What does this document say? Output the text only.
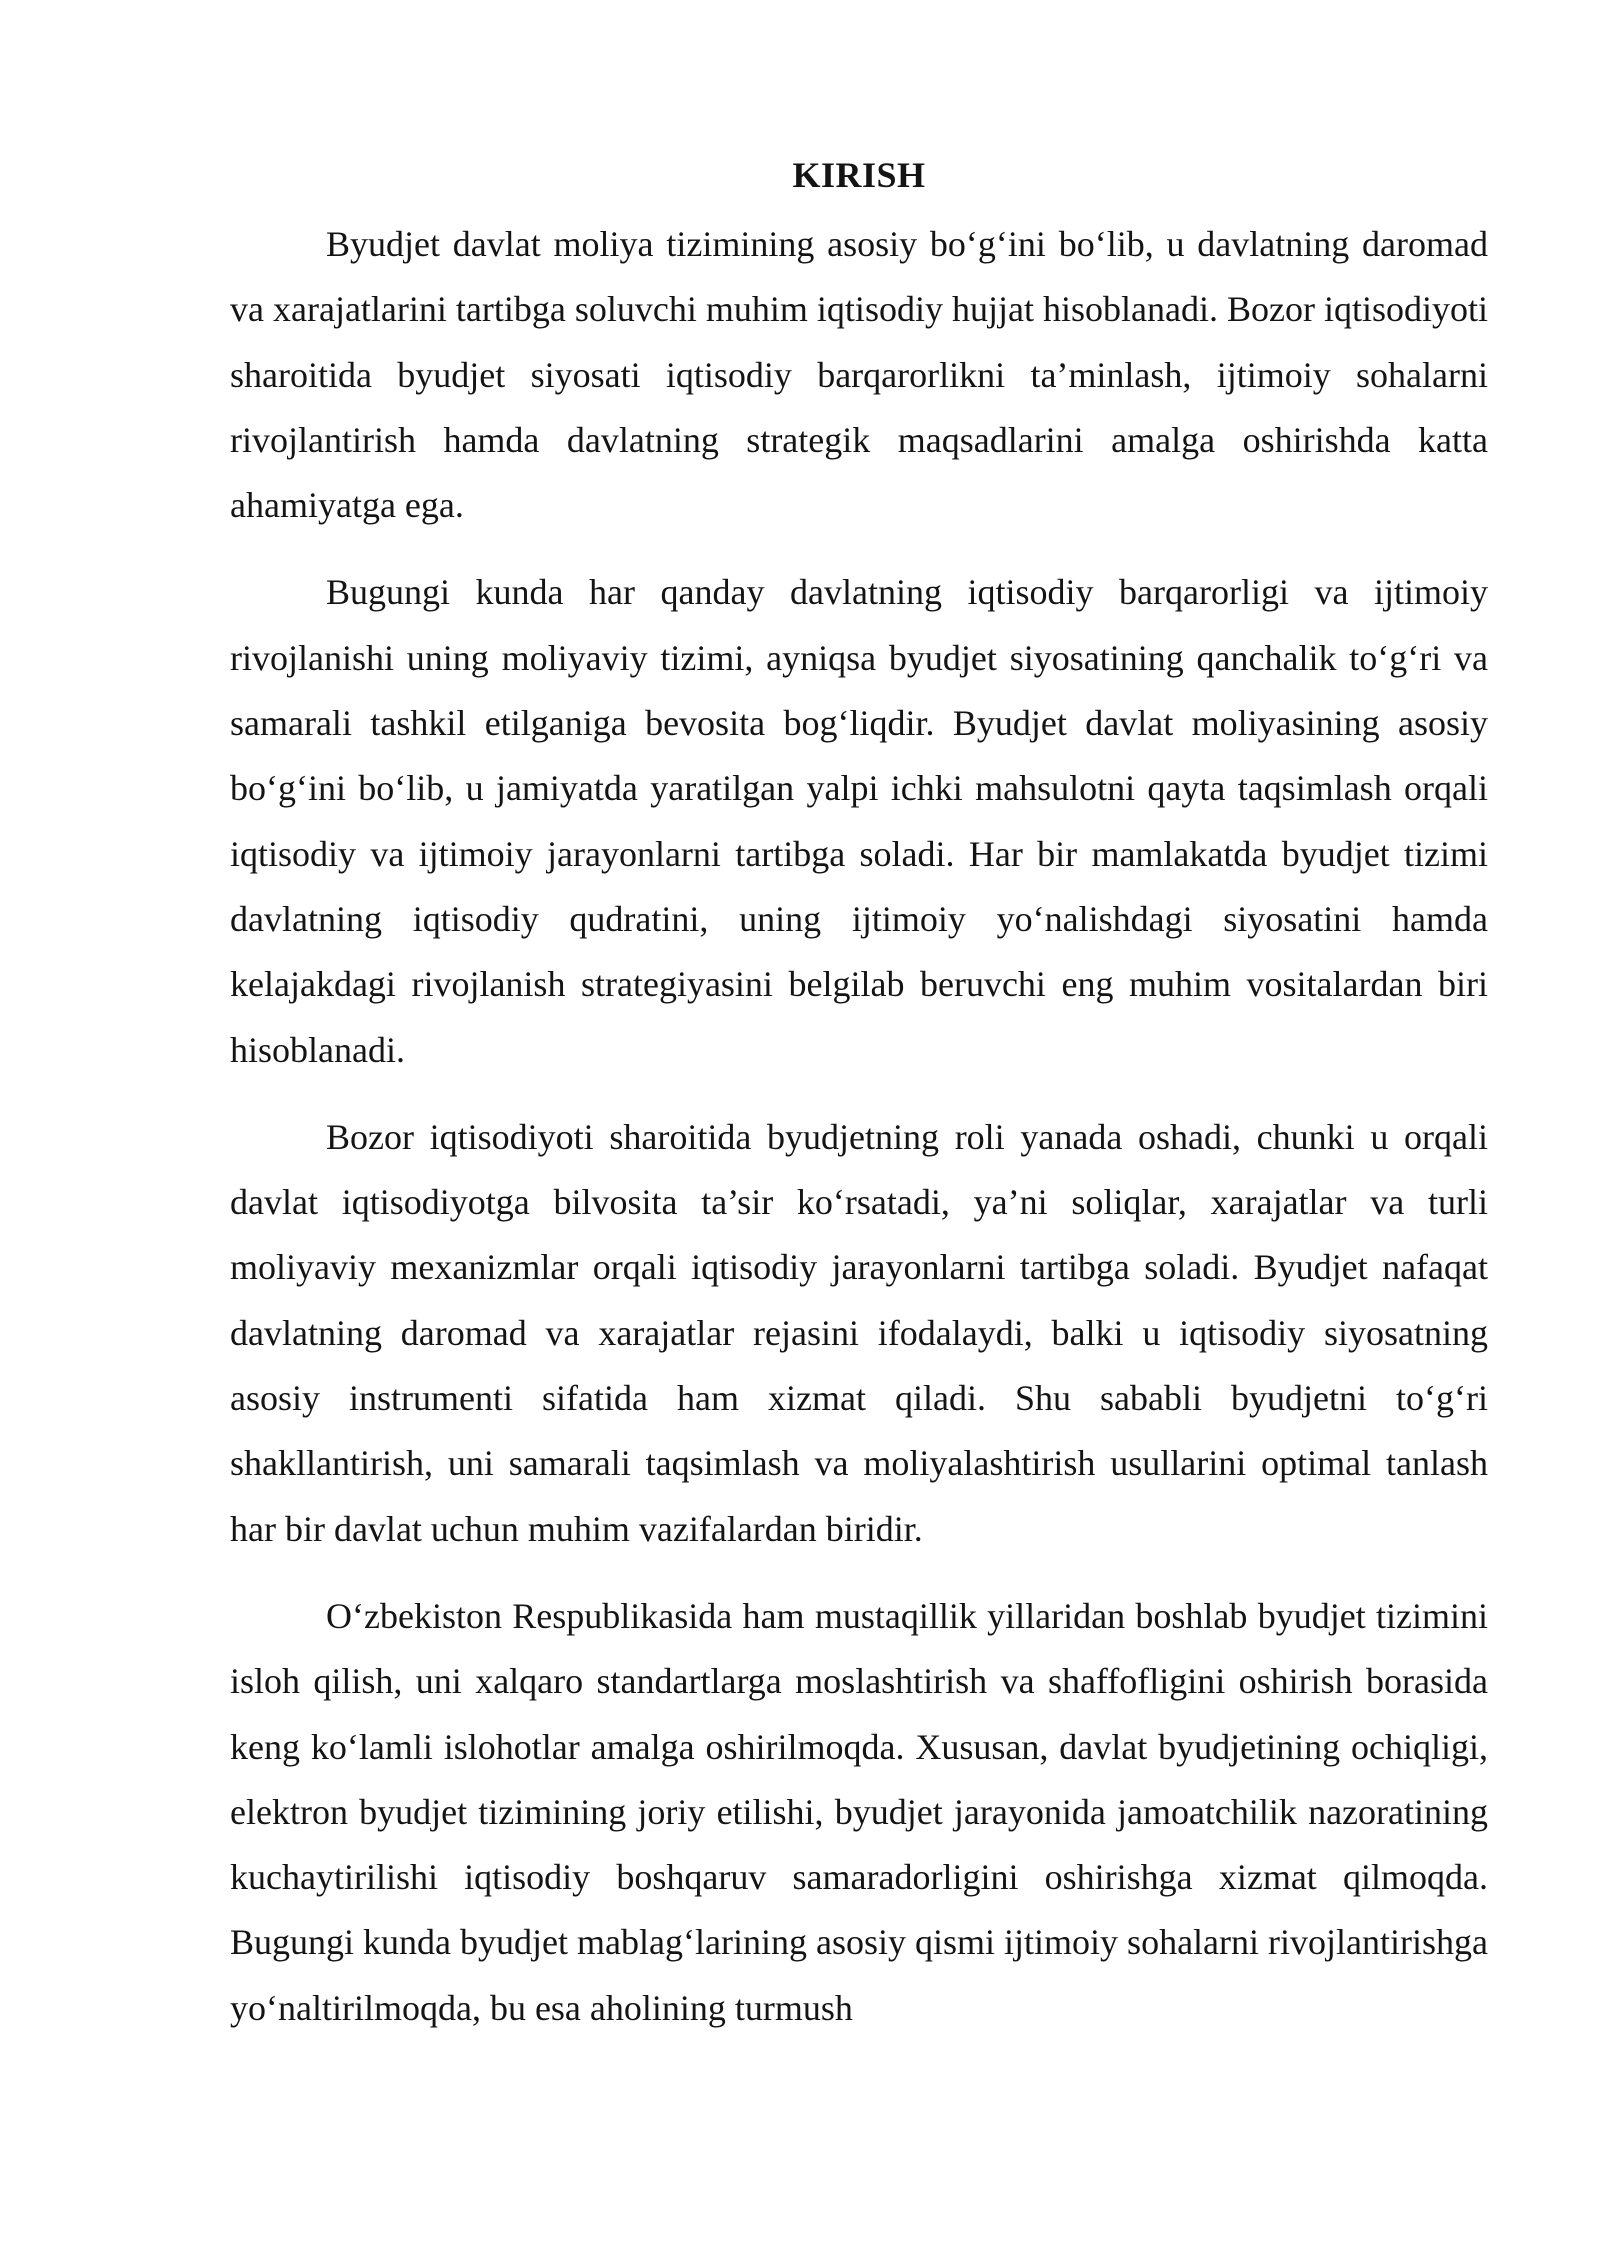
KIRISH

Byudjet davlat moliya tizimining asosiy bo‘g‘ini bo‘lib, u davlatning daromad va xarajatlarini tartibga soluvchi muhim iqtisodiy hujjat hisoblanadi. Bozor iqtisodiyoti sharoitida byudjet siyosati iqtisodiy barqarorlikni ta’minlash, ijtimoiy sohalarni rivojlantirish hamda davlatning strategik maqsadlarini amalga oshirishda katta ahamiyatga ega.

Bugungi kunda har qanday davlatning iqtisodiy barqarorligi va ijtimoiy rivojlanishi uning moliyaviy tizimi, ayniqsa byudjet siyosatining qanchalik to‘g‘ri va samarali tashkil etilganiga bevosita bog‘liqdir. Byudjet davlat moliyasining asosiy bo‘g‘ini bo‘lib, u jamiyatda yaratilgan yalpi ichki mahsulotni qayta taqsimlash orqali iqtisodiy va ijtimoiy jarayonlarni tartibga soladi. Har bir mamlakatda byudjet tizimi davlatning iqtisodiy qudratini, uning ijtimoiy yo‘nalishdagi siyosatini hamda kelajakdagi rivojlanish strategiyasini belgilab beruvchi eng muhim vositalardan biri hisoblanadi.

Bozor iqtisodiyoti sharoitida byudjetning roli yanada oshadi, chunki u orqali davlat iqtisodiyotga bilvosita ta’sir ko‘rsatadi, ya’ni soliqlar, xarajatlar va turli moliyaviy mexanizmlar orqali iqtisodiy jarayonlarni tartibga soladi. Byudjet nafaqat davlatning daromad va xarajatlar rejasini ifodalaydi, balki u iqtisodiy siyosatning asosiy instrumenti sifatida ham xizmat qiladi. Shu sababli byudjetni to‘g‘ri shakllantirish, uni samarali taqsimlash va moliyalashtirish usullarini optimal tanlash har bir davlat uchun muhim vazifalardan biridir.

O‘zbekiston Respublikasida ham mustaqillik yillaridan boshlab byudjet tizimini isloh qilish, uni xalqaro standartlarga moslashtirish va shaffofligini oshirish borasida keng ko‘lamli islohotlar amalga oshirilmoqda. Xususan, davlat byudjetining ochiqligi, elektron byudjet tizimining joriy etilishi, byudjet jarayonida jamoatchilik nazoratining kuchaytirilishi iqtisodiy boshqaruv samaradorligini oshirishga xizmat qilmoqda. Bugungi kunda byudjet mablag‘larining asosiy qismi ijtimoiy sohalarni rivojlantirishga yo‘naltirilmoqda, bu esa aholining turmush
